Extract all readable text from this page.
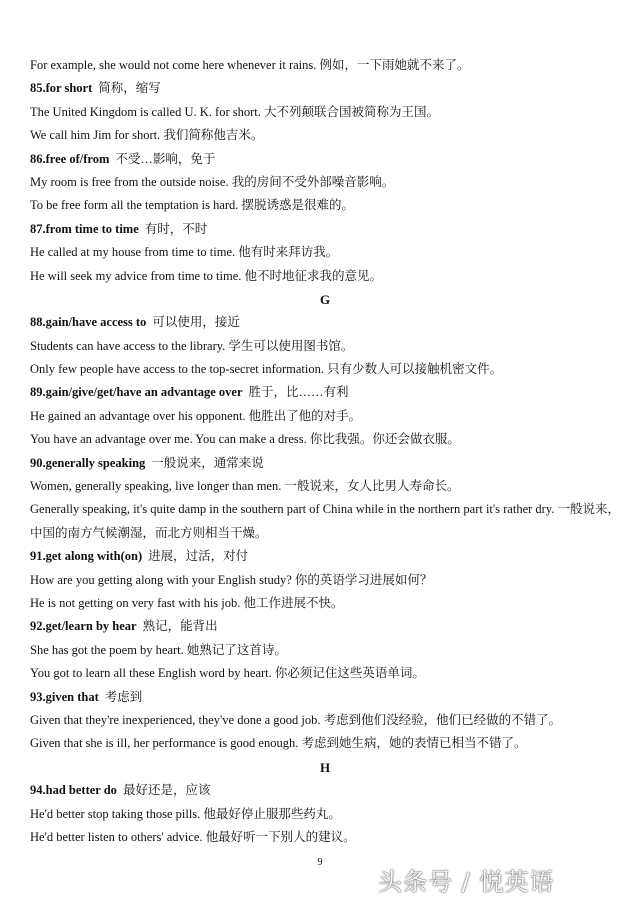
For example, she would not come here whenever it rains. 例如，一下雨她就不来了。
85.for short 简称，缩写
The United Kingdom is called U. K. for short. 大不列颠联合国被简称为王国。
We call him Jim for short. 我们简称他吉米。
86.free of/from 不受…影响，免于
My room is free from the outside noise. 我的房间不受外部噪音影响。
To be free form all the temptation is hard. 摆脱诱惑是很难的。
87.from time to time 有时，不时
He called at my house from time to time. 他有时来拜访我。
He will seek my advice from time to time. 他不时地征求我的意见。
G
88.gain/have access to 可以使用，接近
Students can have access to the library. 学生可以使用图书馆。
Only few people have access to the top-secret information. 只有少数人可以接触机密文件。
89.gain/give/get/have an advantage over 胜于，比……有利
He gained an advantage over his opponent. 他胜出了他的对手。
You have an advantage over me. You can make a dress. 你比我强。你还会做衣服。
90.generally speaking 一般说来，通常来说
Women, generally speaking, live longer than men. 一般说来，女人比男人寿命长。
Generally speaking, it's quite damp in the southern part of China while in the northern part it's rather dry. 一般说来，中国的南方气候潮湿，而北方则相当干燥。
91.get along with(on) 进展，过活，对付
How are you getting along with your English study? 你的英语学习进展如何？
He is not getting on very fast with his job. 他工作进展不快。
92.get/learn by hear 熟记，能背出
She has got the poem by heart. 她熟记了这首诗。
You got to learn all these English word by heart. 你必须记住这些英语单词。
93.given that 考虑到
Given that they're inexperienced, they've done a good job. 考虑到他们没经验，他们已经做的不错了。
Given that she is ill, her performance is good enough. 考虑到她生病，她的表情已相当不错了。
H
94.had better do 最好还是，应该
He'd better stop taking those pills. 他最好停止服那些药丸。
He'd better listen to others' advice. 他最好听一下别人的建议。
9
头条号 / 悦英语
